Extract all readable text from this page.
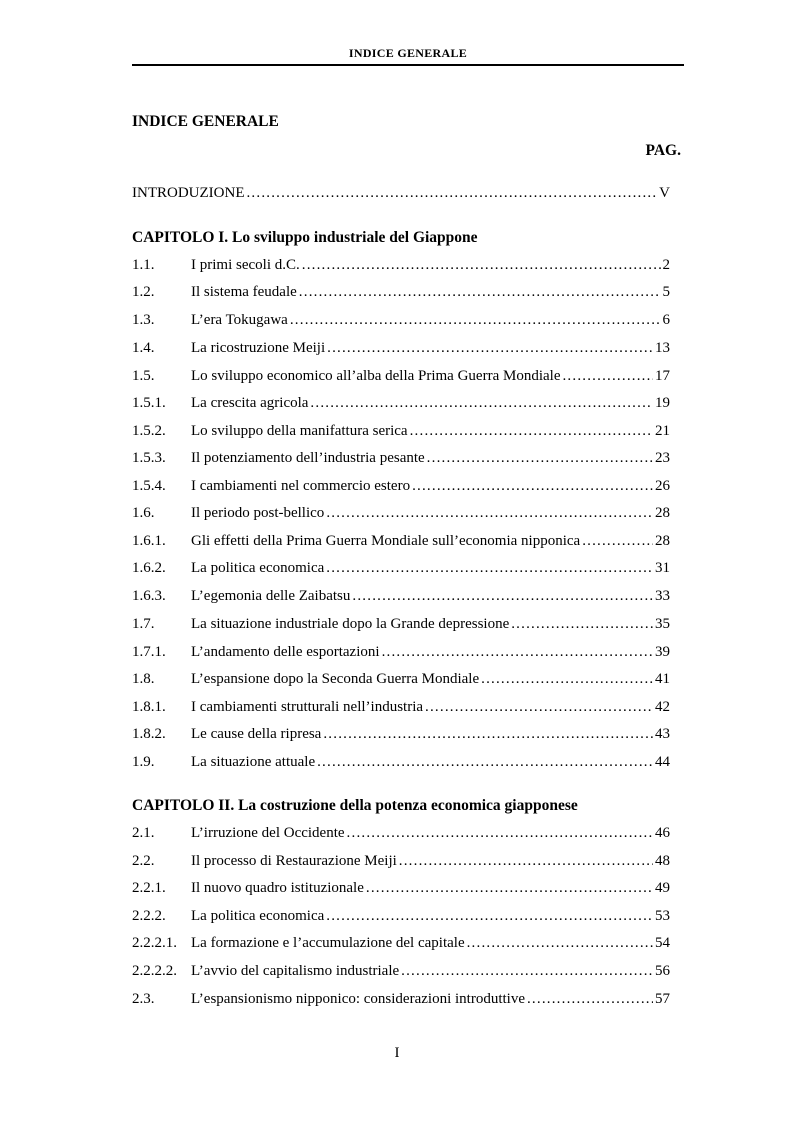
INDICE GENERALE
INDICE GENERALE
PAG.
INTRODUZIONE .....	V
CAPITOLO I. Lo sviluppo industriale del Giappone
1.1.	I primi secoli d.C. .....	2
1.2.	Il sistema feudale .....	5
1.3.	L’era Tokugawa .....	6
1.4.	La ricostruzione Meiji .....	13
1.5.	Lo sviluppo economico all’alba della Prima Guerra Mondiale .....	17
1.5.1.	La crescita agricola .....	19
1.5.2.	Lo sviluppo della manifattura serica .....	21
1.5.3.	Il potenziamento dell’industria pesante .....	23
1.5.4.	I cambiamenti nel commercio estero .....	26
1.6.	Il periodo post-bellico .....	28
1.6.1.	Gli effetti della Prima Guerra Mondiale sull’economia nipponica .....	28
1.6.2.	La politica economica .....	31
1.6.3.	L’egemonia delle Zaibatsu .....	33
1.7.	La situazione industriale dopo la Grande depressione .....	35
1.7.1.	L’andamento delle esportazioni .....	39
1.8.	L’espansione dopo la Seconda Guerra Mondiale .....	41
1.8.1.	I cambiamenti strutturali nell’industria .....	42
1.8.2.	Le cause della ripresa .....	43
1.9.	La situazione attuale .....	44
CAPITOLO II. La costruzione della potenza economica giapponese
2.1.	L’irruzione del Occidente .....	46
2.2.	Il processo di Restaurazione Meiji .....	48
2.2.1.	Il nuovo quadro istituzionale .....	49
2.2.2.	La politica economica .....	53
2.2.2.1. La formazione e l’accumulazione del capitale .....	54
2.2.2.2. L’avvio del capitalismo industriale .....	56
2.3.	L’espansionismo nipponico: considerazioni introduttive .....	57
I
